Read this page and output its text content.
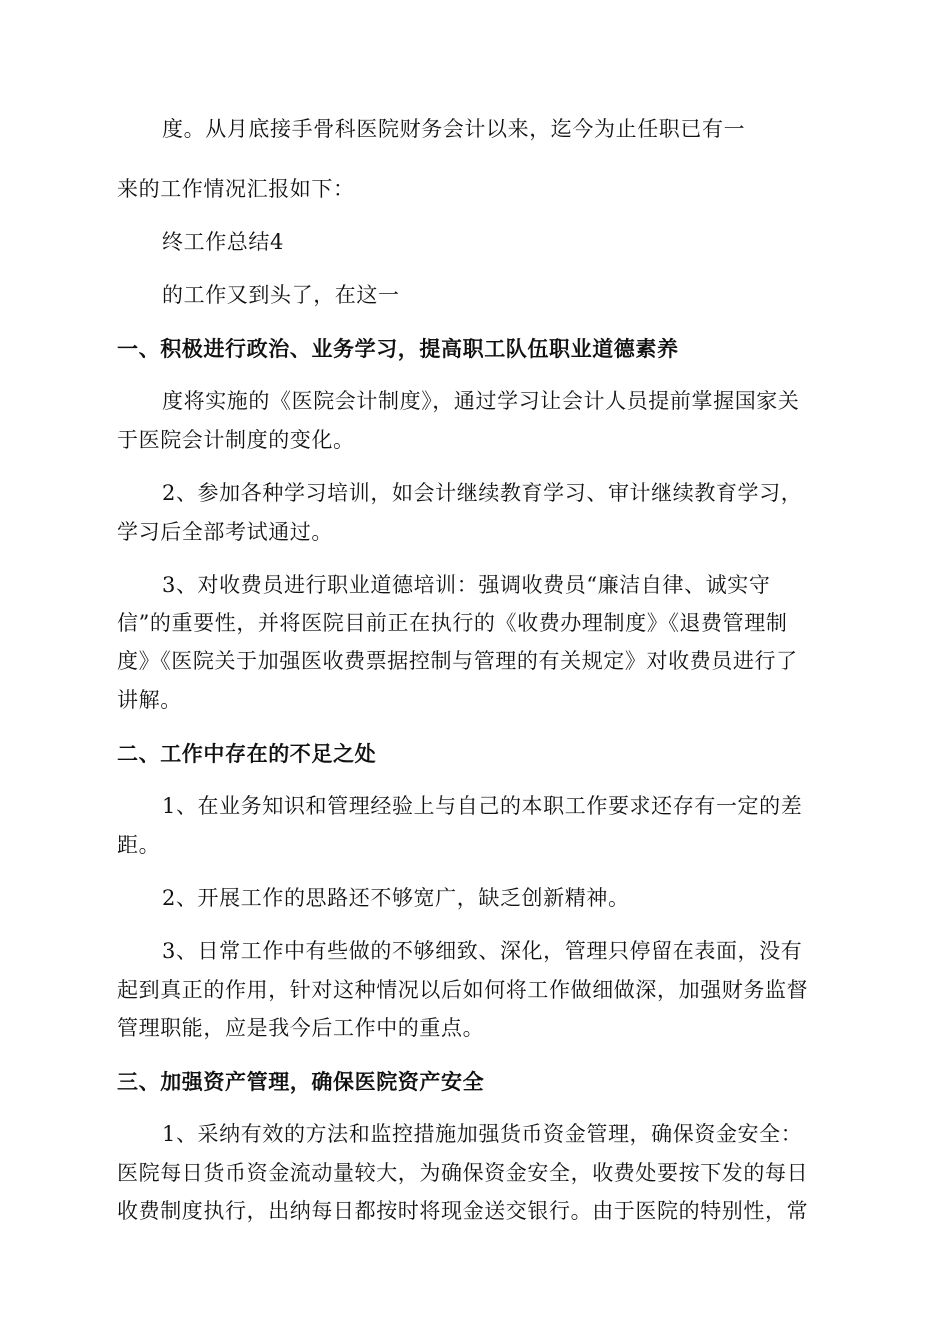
度。从月底接手骨科医院财务会计以来，迄今为止任职已有一
来的工作情况汇报如下：
终工作总结4
的工作又到头了，在这一
一、积极进行政治、业务学习，提高职工队伍职业道德素养
度将实施的《医院会计制度》，通过学习让会计人员提前掌握国家关
于医院会计制度的变化。
2、参加各种学习培训，如会计继续教育学习、审计继续教育学习，
学习后全部考试通过。
3、对收费员进行职业道德培训：强调收费员“廉洁自律、诚实守
信”的重要性，并将医院目前正在执行的《收费办理制度》《退费管理制
度》《医院关于加强医收费票据控制与管理的有关规定》对收费员进行了
讲解。
二、工作中存在的不足之处
1、在业务知识和管理经验上与自己的本职工作要求还存有一定的差
距。
2、开展工作的思路还不够宽广，缺乏创新精神。
3、日常工作中有些做的不够细致、深化，管理只停留在表面，没有
起到真正的作用，针对这种情况以后如何将工作做细做深，加强财务监督
管理职能，应是我今后工作中的重点。
三、加强资产管理，确保医院资产安全
1、采纳有效的方法和监控措施加强货币资金管理，确保资金安全：
医院每日货币资金流动量较大，为确保资金安全，收费处要按下发的每日
收费制度执行，出纳每日都按时将现金送交银行。由于医院的特别性，常
